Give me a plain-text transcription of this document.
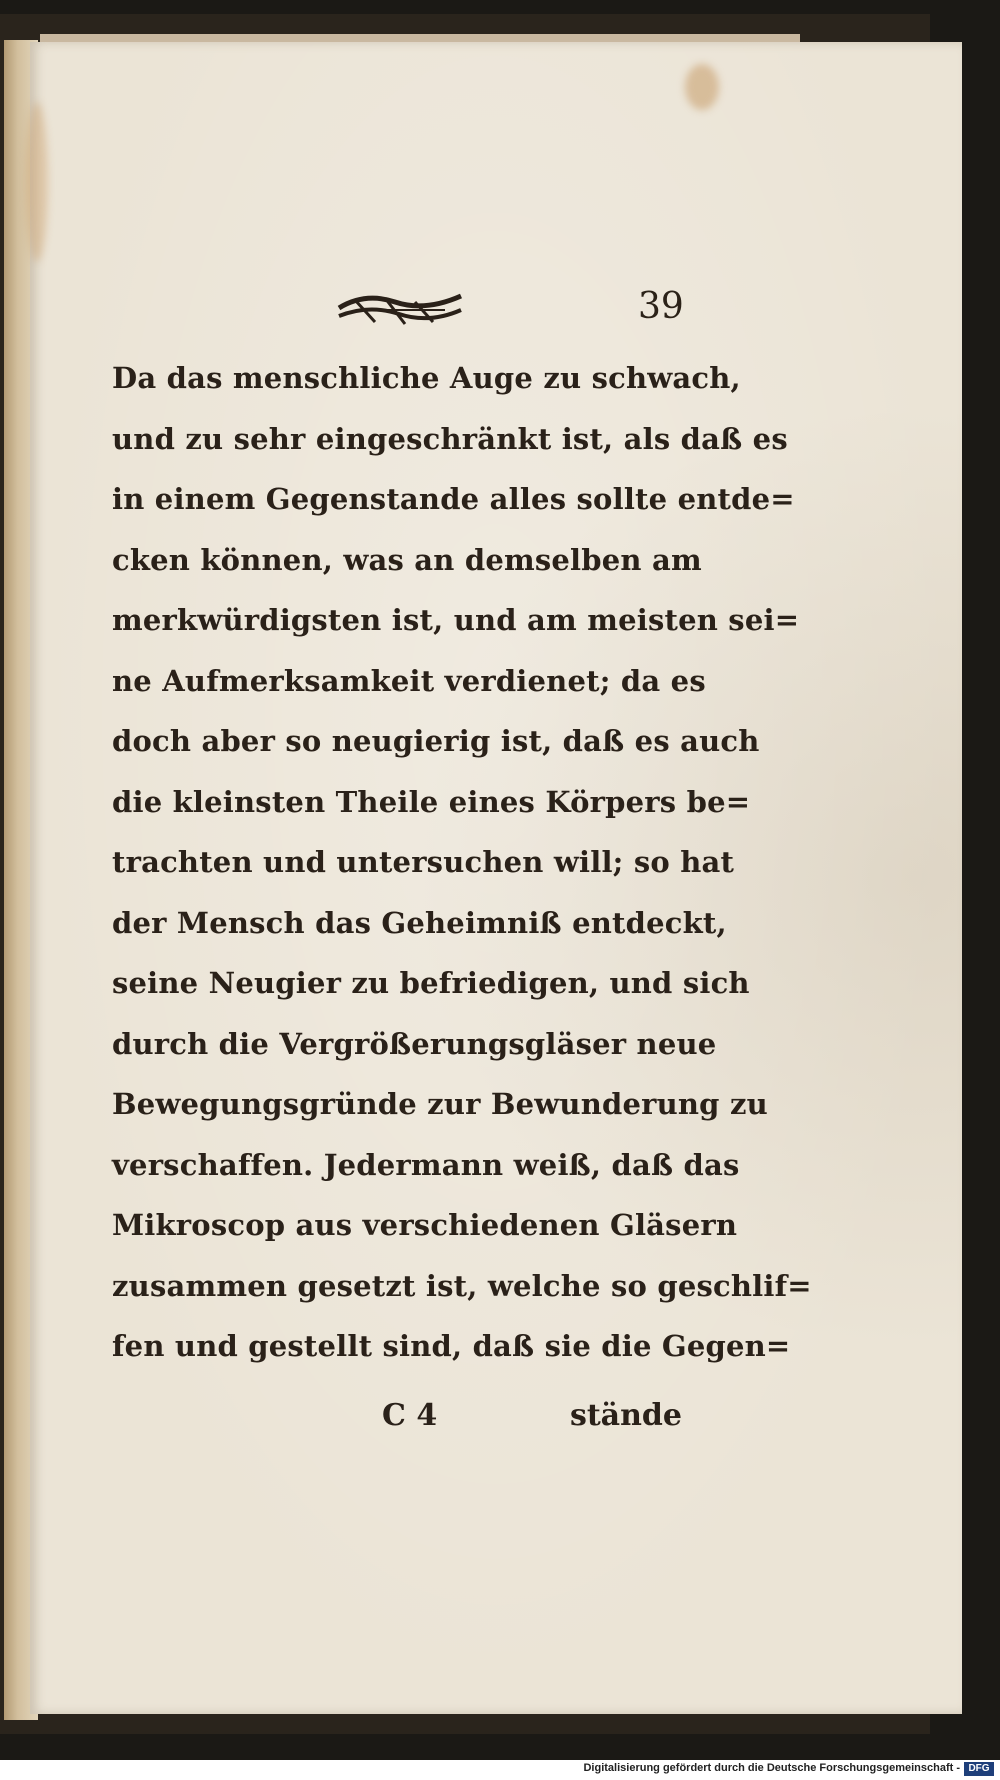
39
Da das menschliche Auge zu schwach,
und zu sehr eingeschränkt ist, als daß es
in einem Gegenstande alles sollte entde=
cken können, was an demselben am
merkwürdigsten ist, und am meisten sei=
ne Aufmerksamkeit verdienet; da es
doch aber so neugierig ist, daß es auch
die kleinsten Theile eines Körpers be=
trachten und untersuchen will; so hat
der Mensch das Geheimniß entdeckt,
seine Neugier zu befriedigen, und sich
durch die Vergrößerungsgläser neue
Bewegungsgründe zur Bewunderung zu
verschaffen. Jedermann weiß, daß das
Mikroscop aus verschiedenen Gläsern
zusammen gesetzt ist, welche so geschlif=
fen und gestellt sind, daß sie die Gegen=
C 4	stände
Digitalisierung gefördert durch die Deutsche Forschungsgemeinschaft - DFG
